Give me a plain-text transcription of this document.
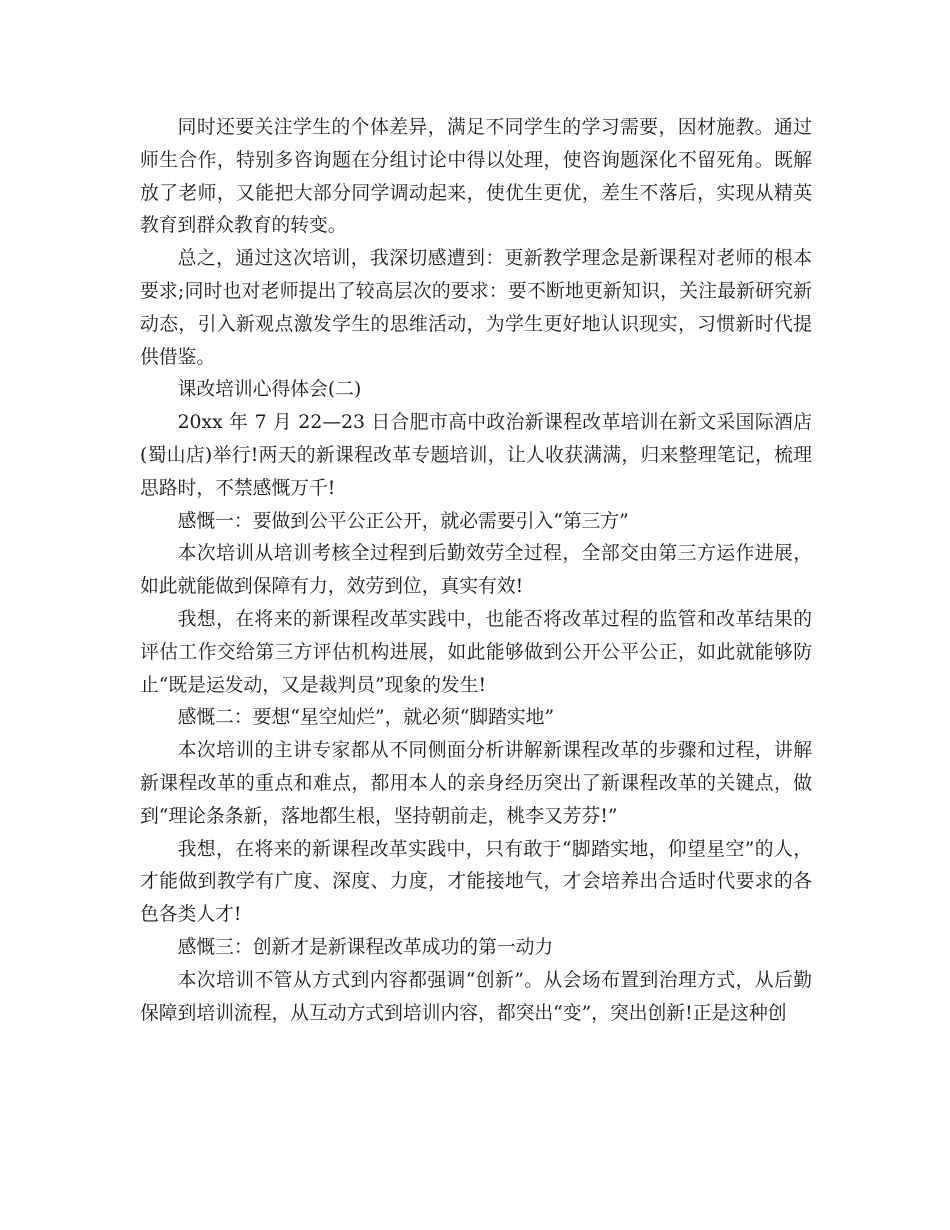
同时还要关注学生的个体差异，满足不同学生的学习需要，因材施教。通过师生合作，特别多咨询题在分组讨论中得以处理，使咨询题深化不留死角。既解放了老师，又能把大部分同学调动起来，使优生更优，差生不落后，实现从精英教育到群众教育的转变。

总之，通过这次培训，我深切感遭到：更新教学理念是新课程对老师的根本要求;同时也对老师提出了较高层次的要求：要不断地更新知识，关注最新研究新动态，引入新观点激发学生的思维活动，为学生更好地认识现实，习惯新时代提供借鉴。

课改培训心得体会(二)

20xx 年 7 月 22—23 日合肥市高中政治新课程改革培训在新文采国际酒店(蜀山店)举行!两天的新课程改革专题培训，让人收获满满，归来整理笔记，梳理思路时，不禁感慨万千!

感慨一：要做到公平公正公开，就必需要引入“第三方”

本次培训从培训考核全过程到后勤效劳全过程，全部交由第三方运作进展，如此就能做到保障有力，效劳到位，真实有效!

我想，在将来的新课程改革实践中，也能否将改革过程的监管和改革结果的评估工作交给第三方评估机构进展，如此能够做到公开公平公正，如此就能够防止“既是运发动，又是裁判员”现象的发生!

感慨二：要想“星空灿烂”，就必须“脚踏实地”

本次培训的主讲专家都从不同侧面分析讲解新课程改革的步骤和过程，讲解新课程改革的重点和难点，都用本人的亲身经历突出了新课程改革的关键点，做到“理论条条新，落地都生根，坚持朝前走，桃李又芳芬!”

我想，在将来的新课程改革实践中，只有敢于“脚踏实地，仰望星空”的人，才能做到教学有广度、深度、力度，才能接地气，才会培养出合适时代要求的各色各类人才!

感慨三：创新才是新课程改革成功的第一动力

本次培训不管从方式到内容都强调“创新”。从会场布置到治理方式，从后勤保障到培训流程，从互动方式到培训内容，都突出“变”，突出创新!正是这种创
